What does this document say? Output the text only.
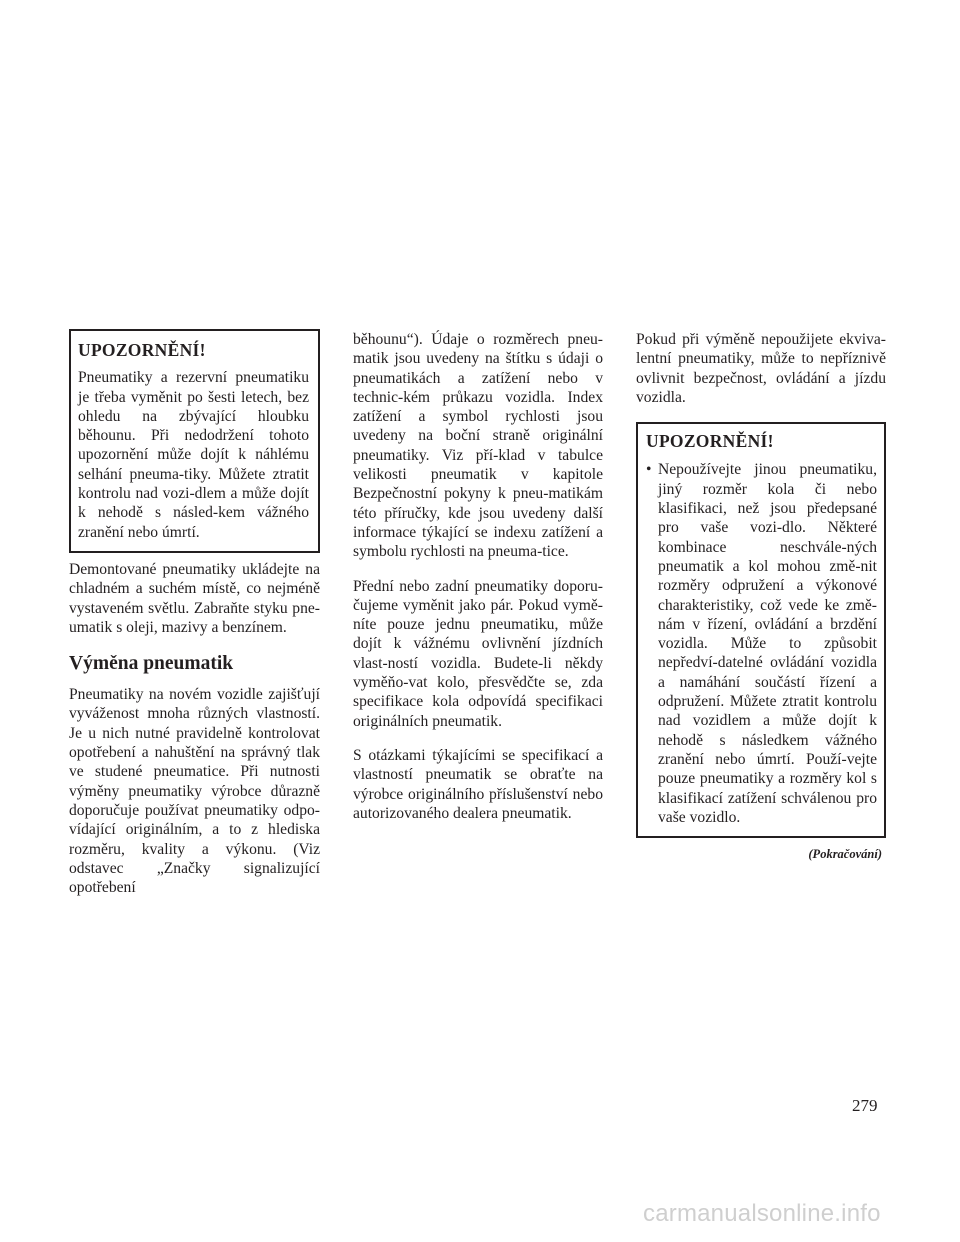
UPOZORNĚNÍ!

Pneumatiky a rezervní pneumatiku je třeba vyměnit po šesti letech, bez ohledu na zbývající hloubku běhounu. Při nedodržení tohoto upozornění může dojít k náhlému selhání pneuma-tiky. Můžete ztratit kontrolu nad vozi-dlem a může dojít k nehodě s násled-kem vážného zranění nebo úmrtí.

Demontované pneumatiky ukládejte na chladném a suchém místě, co nejméně vystaveném světlu. Zabraňte styku pne-umatik s oleji, mazivy a benzínem.

Výměna pneumatik

Pneumatiky na novém vozidle zajišťují vyváženost mnoha různých vlastností. Je u nich nutné pravidelně kontrolovat opotřebení a nahuštění na správný tlak ve studené pneumatice. Při nutnosti výměny pneumatiky výrobce důrazně doporučuje používat pneumatiky odpo-vídající originálním, a to z hlediska rozměru, kvality a výkonu. (Viz odstavec „Značky signalizující opotřebení

běhounu“). Údaje o rozměrech pneu-matik jsou uvedeny na štítku s údaji o pneumatikách a zatížení nebo v technic-kém průkazu vozidla. Index zatížení a symbol rychlosti jsou uvedeny na boční straně originální pneumatiky. Viz pří-klad v tabulce velikosti pneumatik v kapitole Bezpečnostní pokyny k pneu-matikám této příručky, kde jsou uvedeny další informace týkající se indexu zatížení a symbolu rychlosti na pneuma-tice.

Přední nebo zadní pneumatiky doporu-čujeme vyměnit jako pár. Pokud vymě-níte pouze jednu pneumatiku, může dojít k vážnému ovlivnění jízdních vlast-ností vozidla. Budete-li někdy vyměňo-vat kolo, přesvědčte se, zda specifikace kola odpovídá specifikaci originálních pneumatik.

S otázkami týkajícími se specifikací a vlastností pneumatik se obraťte na výrobce originálního příslušenství nebo autorizovaného dealera pneumatik.

Pokud při výměně nepoužijete ekviva-lentní pneumatiky, může to nepříznivě ovlivnit bezpečnost, ovládání a jízdu vozidla.

UPOZORNĚNÍ!
• Nepoužívejte jinou pneumatiku, jiný rozměr kola či nebo klasifikaci, než jsou předepsané pro vaše vozi-dlo. Některé kombinace neschvále-ných pneumatik a kol mohou změ-nit rozměry odpružení a výkonové charakteristiky, což vede ke změ-nám v řízení, ovládání a brzdění vozidla. Může to způsobit nepředví-datelné ovládání vozidla a namáhání součástí řízení a odpružení. Můžete ztratit kontrolu nad vozidlem a může dojít k nehodě s následkem vážného zranění nebo úmrtí. Použí-vejte pouze pneumatiky a rozměry kol s klasifikací zatížení schválenou pro vaše vozidlo.
(Pokračování)
279
carmanualsonline.info
